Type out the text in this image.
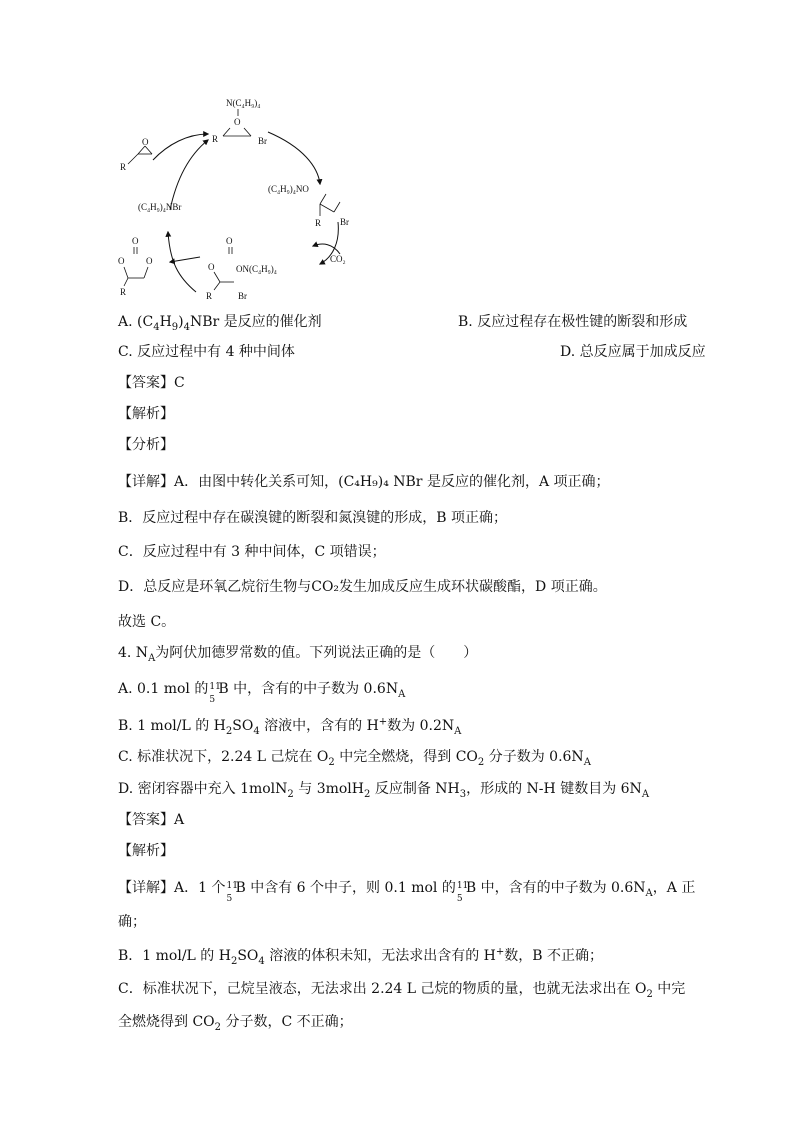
N(C₄H₉)₄
O
R	Br
R
O
(C₄H₉)₄NBr
(C₄H₉)₄NO
R Br
CO₂
O
ON(C₄H₉)₄
O
R	Br
O
O O
R
A. $(C_4H_9)_4NBr$ 是反应的催化剂	B. 反应过程存在极性键的断裂和形成
C. 反应过程中有 4 种中间体	D. 总反应属于加成反应
【答案】C
【解析】
【分析】
【详解】A．由图中转化关系可知，(C₄H₉)₄ NBr 是反应的催化剂，A 项正确；
B．反应过程中存在碳溴键的断裂和氮溴键的形成，B 项正确；
C．反应过程中有 3 种中间体，C 项错误；
D．总反应是环氧乙烷衍生物与CO₂发生加成反应生成环状碳酸酯，D 项正确。
故选 C。
4. $N_A$为阿伏加德罗常数的值。下列说法正确的是（　　）
A. 0.1 mol 的 11
5
B 中，含有的中子数为 $0.6N_A$
B. 1 mol/L 的 $H_2SO_4$ 溶液中，含有的 H+数为 $0.2N_A$
C. 标准状况下，2.24 L 己烷在 $O_2$ 中完全燃烧，得到 $CO_2$ 分子数为 $0.6N_A$
D. 密闭容器中充入 1molN$_2$ 与 3molH$_2$ 反应制备 $NH_3$，形成的 N-H 键数目为 $6N_A$
【答案】A
【解析】
【详解】A．1 个 11
5
B 中含有 6 个中子，则 0.1 mol 的 11
5
B 中，含有的中子数为 $0.6N_A$，A 正
确；
B．1 mol/L 的 $H_2SO_4$ 溶液的体积未知，无法求出含有的 H+数，B 不正确；
C．标准状况下，己烷呈液态，无法求出 2.24 L 己烷的物质的量，也就无法求出在 $O_2$ 中完
全燃烧得到 $CO_2$ 分子数，C 不正确；
